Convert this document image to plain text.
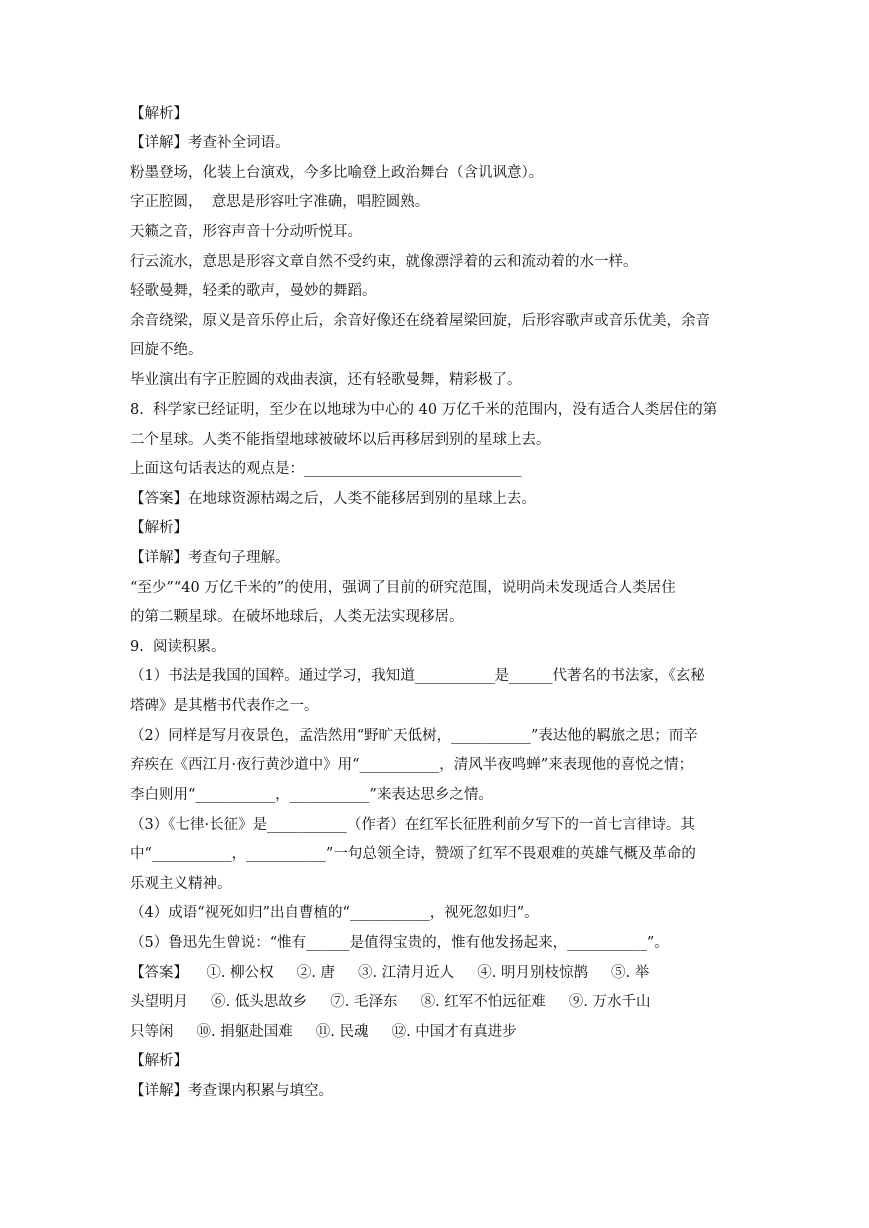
【解析】
【详解】考查补全词语。
粉墨登场，化装上台演戏，今多比喻登上政治舞台（含讥讽意）。
字正腔圆，  意思是形容吐字准确，唱腔圆熟。
天籁之音，形容声音十分动听悦耳。
行云流水，意思是形容文章自然不受约束，就像漂浮着的云和流动着的水一样。
轻歌曼舞，轻柔的歌声，曼妙的舞蹈。
余音绕梁，原义是音乐停止后，余音好像还在绕着屋梁回旋，后形容歌声或音乐优美，余音
回旋不绝。
毕业演出有字正腔圆的戏曲表演，还有轻歌曼舞，精彩极了。
8.  科学家已经证明，至少在以地球为中心的 40 万亿千米的范围内，没有适合人类居住的第
二个星球。人类不能指望地球被破坏以后再移居到别的星球上去。
上面这句话表达的观点是：______________________________
【答案】在地球资源枯竭之后，人类不能移居到别的星球上去。
【解析】
【详解】考查句子理解。
“至少”“40 万亿千米的”的使用，强调了目前的研究范围，说明尚未发现适合人类居住
的第二颗星球。在破坏地球后，人类无法实现移居。
9.  阅读积累。
（1）书法是我国的国粹。通过学习，我知道___________是______代著名的书法家，《玄秘
塔碑》是其楷书代表作之一。
（2）同样是写月夜景色，孟浩然用“野旷天低树，___________”表达他的羁旅之思；而辛
弃疾在《西江月·夜行黄沙道中》用“___________，清风半夜鸣蝉”来表现他的喜悦之情；
李白则用“___________，___________”来表达思乡之情。
（3）《七律·长征》是___________（作者）在红军长征胜利前夕写下的一首七言律诗。其
中“___________，___________”一句总领全诗，赞颂了红军不畏艰难的英雄气概及革命的
乐观主义精神。
（4）成语“视死如归”出自曹植的“___________，视死忽如归”。
（5）鲁迅先生曾说：“惟有______是值得宝贵的，惟有他发扬起来，___________”。
【答案】    ①. 柳公权     ②. 唐     ③. 江清月近人     ④. 明月别枝惊鹊     ⑤. 举
头望明月     ⑥. 低头思故乡     ⑦. 毛泽东     ⑧. 红军不怕远征难     ⑨. 万水千山
只等闲     ⑩. 捐躯赴国难     ⑪. 民魂     ⑫. 中国才有真进步
【解析】
【详解】考查课内积累与填空。
